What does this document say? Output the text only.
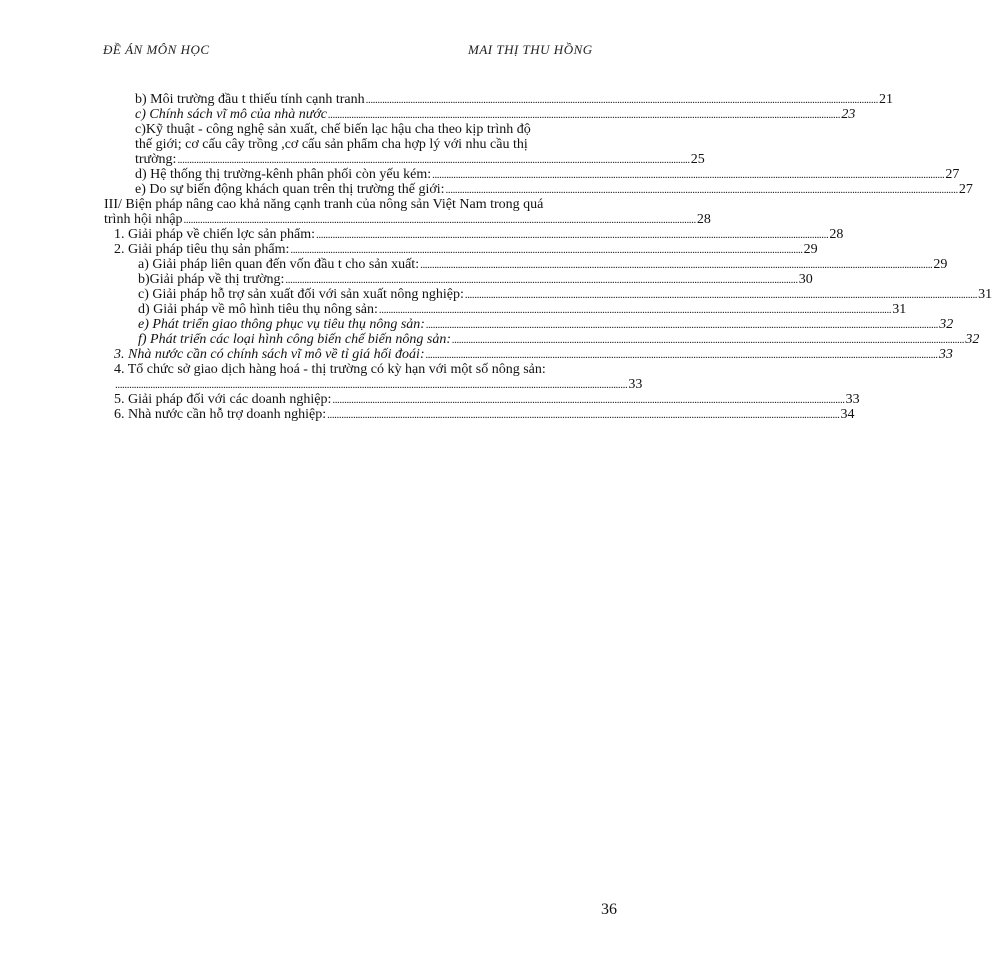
ĐỀ ÁN MÔN HỌC	MAI THỊ THU HỒNG
b) Môi trường đầu t thiếu tính cạnh tranh .......................................................................................................................................................................................................................... 21
c) Chính sách vĩ mô của nhà nước .......................................................................................................................................................................................................................... 23
c)Kỹ thuật - công nghệ sản xuất, chế biến lạc hậu cha theo kịp trình độ
thế giới; cơ cấu cây trồng ,cơ cấu sản phẩm cha hợp lý với nhu cầu thị
trường: .......................................................................................................................................................................................................................... 25
d) Hệ thống thị trường-kênh phân phối còn yếu kém: .......................................................................................................................................................................................................................... 27
e) Do sự biến động khách quan trên thị trường thế giới: .......................................................................................................................................................................................................................... 27
III/ Biện pháp nâng cao khả năng cạnh tranh của nông sản Việt Nam trong quá
trình hội nhập .......................................................................................................................................................................................................................... 28
1. Giải pháp về chiến lợc sản phẩm: .......................................................................................................................................................................................................................... 28
2. Giải pháp tiêu thụ sản phẩm: .......................................................................................................................................................................................................................... 29
a) Giải pháp liên quan đến vốn đầu t cho sản xuất: .......................................................................................................................................................................................................................... 29
b)Giải pháp về thị trường: .......................................................................................................................................................................................................................... 30
c) Giải pháp hỗ trợ sản xuất đối với sản xuất nông nghiệp: .......................................................................................................................................................................................................................... 31
d) Giải pháp về mô hình tiêu thụ nông sản: .......................................................................................................................................................................................................................... 31
e) Phát triển giao thông phục vụ tiêu thụ nông sản: .......................................................................................................................................................................................................................... 32
f) Phát triển các loại hình công biến chế biến nông sản: .......................................................................................................................................................................................................................... 32
3. Nhà nước cần có chính sách vĩ mô về tỉ giá hối đoái: .......................................................................................................................................................................................................................... 33
4. Tổ chức sở giao dịch hàng hoá - thị trường có kỳ hạn với một số nông sản:
.......................................................................................................................................................................................................................... 33
5. Giải pháp đối với các doanh nghiệp: .......................................................................................................................................................................................................................... 33
6. Nhà nước cần hỗ trợ doanh nghiệp: .......................................................................................................................................................................................................................... 34
36
